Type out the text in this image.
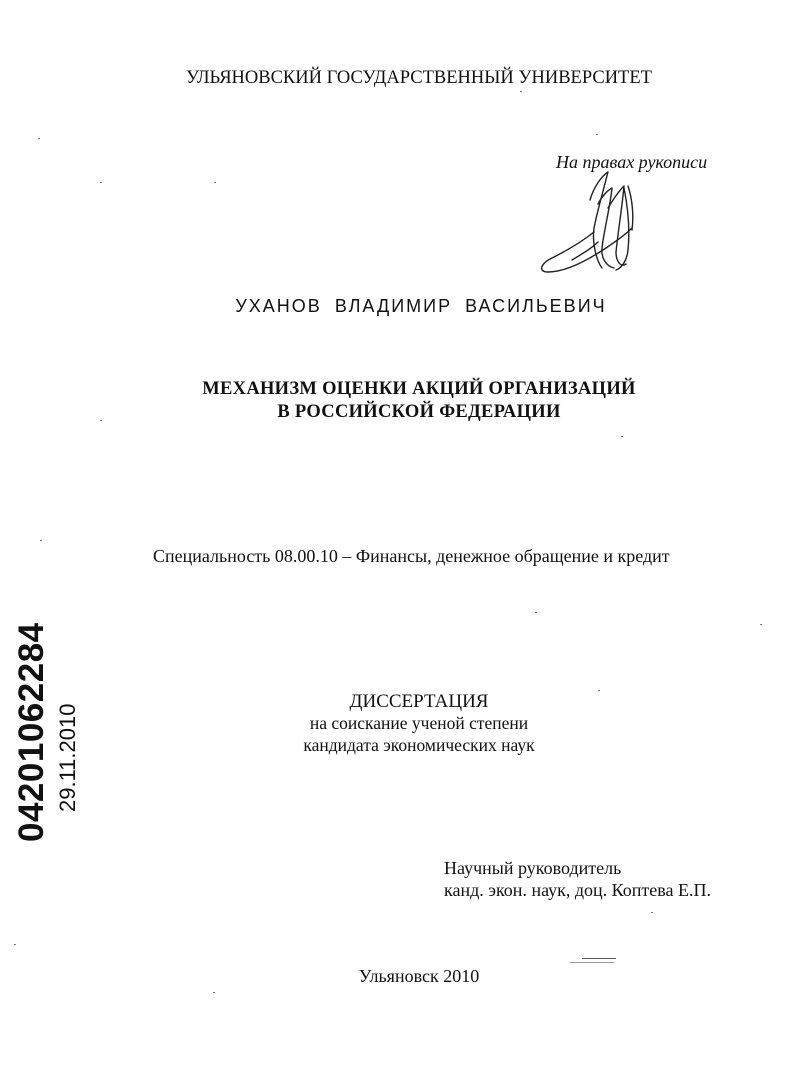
УЛЬЯНОВСКИЙ ГОСУДАРСТВЕННЫЙ УНИВЕРСИТЕТ
На правах рукописи
УХАНОВ ВЛАДИМИР ВАСИЛЬЕВИЧ
МЕХАНИЗМ ОЦЕНКИ АКЦИЙ ОРГАНИЗАЦИЙ
В РОССИЙСКОЙ ФЕДЕРАЦИИ
Специальность 08.00.10 – Финансы, денежное обращение и кредит
ДИССЕРТАЦИЯ
на соискание ученой степени
кандидата экономических наук
Научный руководитель
канд. экон. наук, доц. Коптева Е.П.
Ульяновск 2010
04201062284 29.11.2010
